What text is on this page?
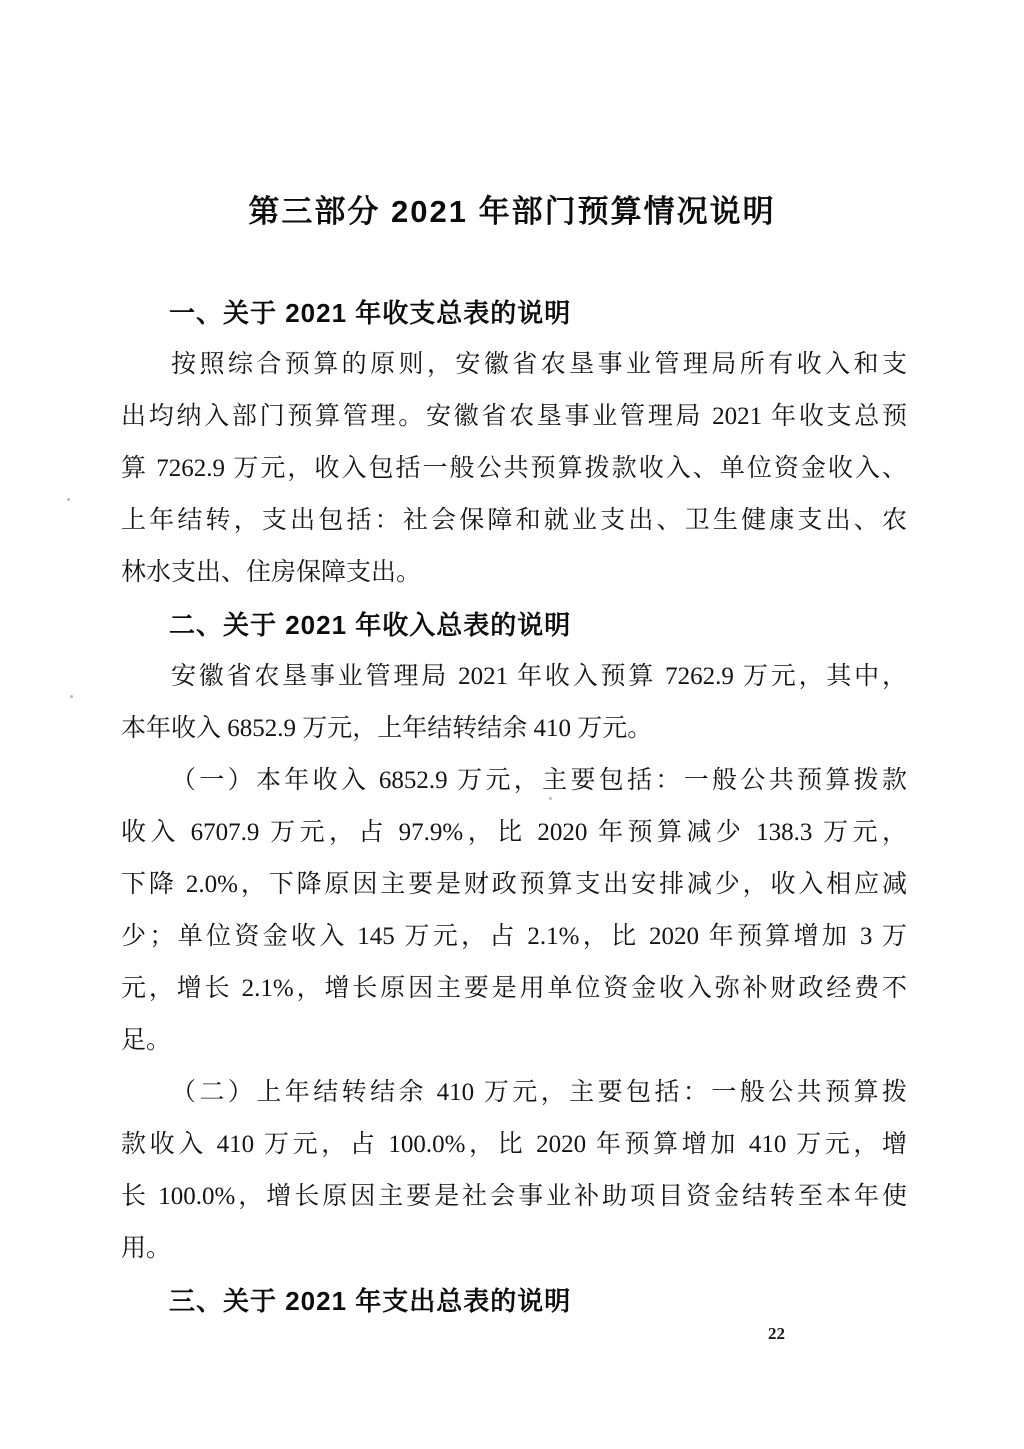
第三部分 2021 年部门预算情况说明
一、关于 2021 年收支总表的说明
按照综合预算的原则，安徽省农垦事业管理局所有收入和支
出均纳入部门预算管理。安徽省农垦事业管理局 2021 年收支总预
算 7262.9 万元，收入包括一般公共预算拨款收入、单位资金收入、
上年结转，支出包括：社会保障和就业支出、卫生健康支出、农
林水支出、住房保障支出。
二、关于 2021 年收入总表的说明
安徽省农垦事业管理局 2021 年收入预算 7262.9 万元，其中，
本年收入 6852.9 万元，上年结转结余 410 万元。
（一）本年收入 6852.9 万元，主要包括：一般公共预算拨款
收入 6707.9 万元，占 97.9%，比 2020 年预算减少 138.3 万元，
下降 2.0%，下降原因主要是财政预算支出安排减少，收入相应减
少；单位资金收入 145 万元，占 2.1%，比 2020 年预算增加 3 万
元，增长 2.1%，增长原因主要是用单位资金收入弥补财政经费不
足。
（二）上年结转结余 410 万元，主要包括：一般公共预算拨
款收入 410 万元，占 100.0%，比 2020 年预算增加 410 万元，增
长 100.0%，增长原因主要是社会事业补助项目资金结转至本年使
用。
三、关于 2021 年支出总表的说明
22
